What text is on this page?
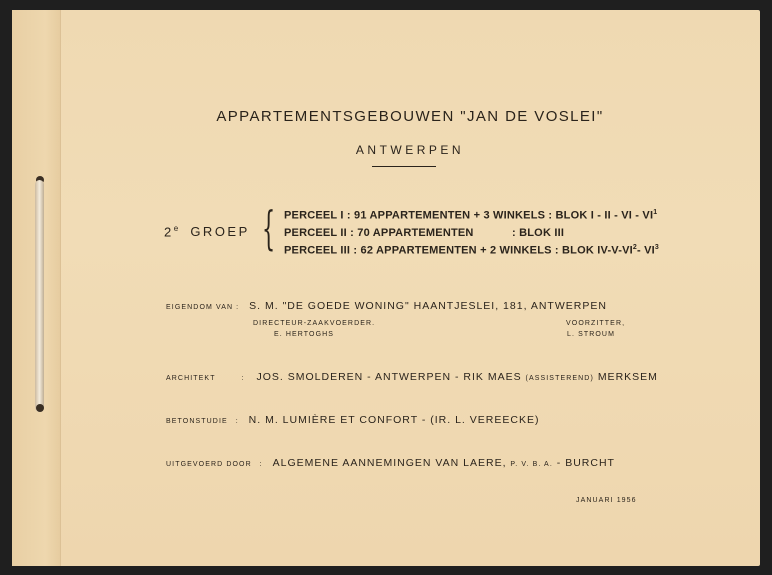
APPARTEMENTSGEBOUWEN "JAN DE VOSLEI"
ANTWERPEN
2e GROEP { PERCEEL I : 91 APPARTEMENTEN + 3 WINKELS : BLOK I - II - VI - $VI^1$
PERCEEL II : 70 APPARTEMENTEN	: BLOK III
PERCEEL III : 62 APPARTEMENTEN + 2 WINKELS : BLOK $IV-V-VI^2-$ $VI^3$
EIGENDOM VAN : S. M. "DE GOEDE WONING" HAANTJESLEI, 181, ANTWERPEN
DIRECTEUR-ZAAKVOERDER.
E. HERTOGHS
VOORZITTER,
L. STROUM
ARCHITEKT	: JOS. SMOLDEREN - ANTWERPEN - RIK MAES (ASSISTEREND) MERKSEM
BETONSTUDIE : N. M. LUMIÈRE ET CONFORT - (IR. L. VEREECKE)
UITGEVOERD DOOR : ALGEMENE AANNEMINGEN VAN LAERE, P. V. B. A. - BURCHT
JANUARI 1956
